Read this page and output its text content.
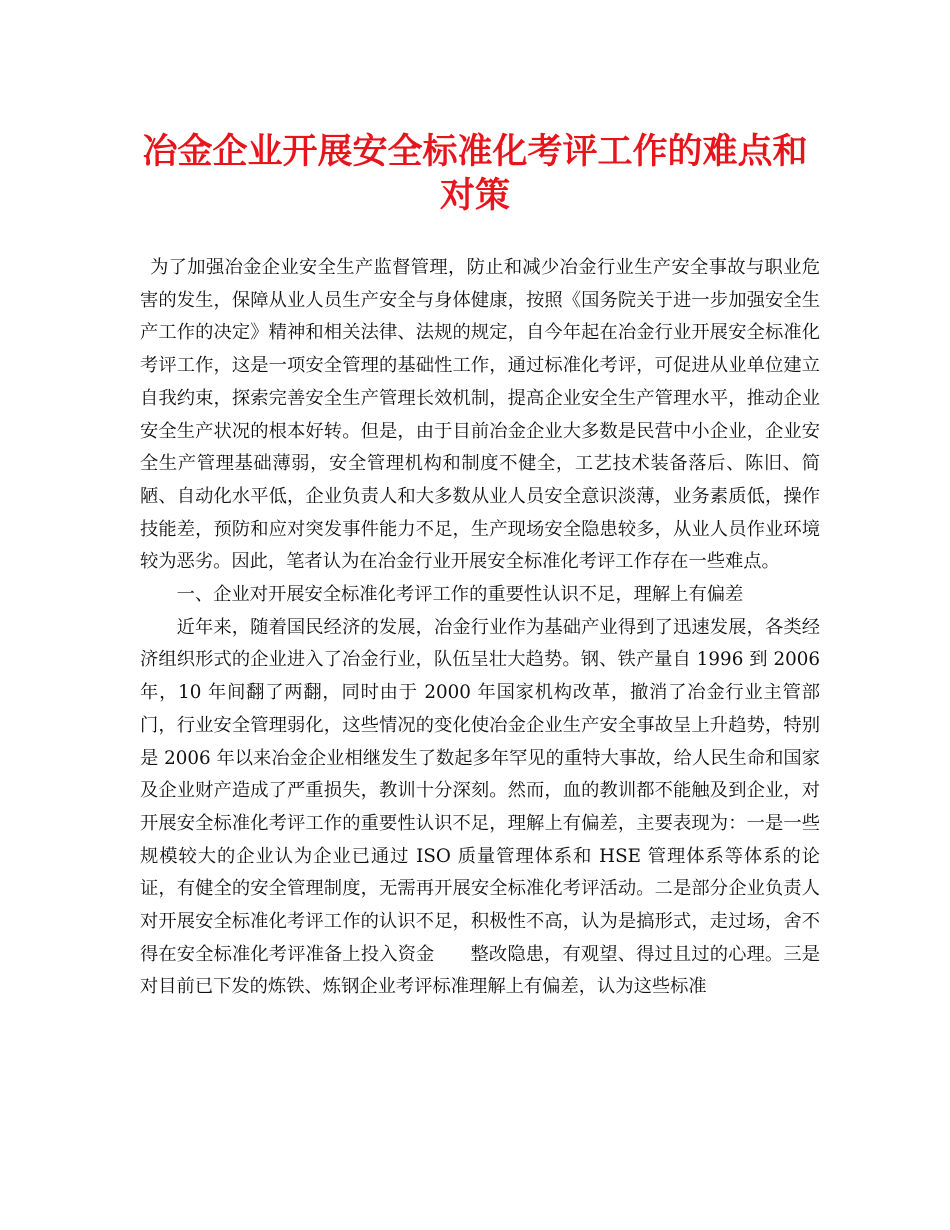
冶金企业开展安全标准化考评工作的难点和
对策

为了加强冶金企业安全生产监督管理，防止和减少冶金行业生产安全事故与职业危害的发生，保障从业人员生产安全与身体健康，按照《国务院关于进一步加强安全生产工作的决定》精神和相关法律、法规的规定，自今年起在冶金行业开展安全标准化考评工作，这是一项安全管理的基础性工作，通过标准化考评，可促进从业单位建立自我约束，探索完善安全生产管理长效机制，提高企业安全生产管理水平，推动企业安全生产状况的根本好转。但是，由于目前冶金企业大多数是民营中小企业，企业安全生产管理基础薄弱，安全管理机构和制度不健全，工艺技术装备落后、陈旧、简陋、自动化水平低，企业负责人和大多数从业人员安全意识淡薄，业务素质低，操作技能差，预防和应对突发事件能力不足，生产现场安全隐患较多，从业人员作业环境较为恶劣。因此，笔者认为在冶金行业开展安全标准化考评工作存在一些难点。

一、企业对开展安全标准化考评工作的重要性认识不足，理解上有偏差

近年来，随着国民经济的发展，冶金行业作为基础产业得到了迅速发展，各类经济组织形式的企业进入了冶金行业，队伍呈壮大趋势。钢、铁产量自 1996 到 2006 年，10 年间翻了两翻，同时由于 2000 年国家机构改革，撤消了冶金行业主管部门，行业安全管理弱化，这些情况的变化使冶金企业生产安全事故呈上升趋势，特别是 2006 年以来冶金企业相继发生了数起多年罕见的重特大事故，给人民生命和国家及企业财产造成了严重损失，教训十分深刻。然而，血的教训都不能触及到企业，对开展安全标准化考评工作的重要性认识不足，理解上有偏差，主要表现为：一是一些规模较大的企业认为企业已通过 ISO 质量管理体系和 HSE 管理体系等体系的论证，有健全的安全管理制度，无需再开展安全标准化考评活动。二是部分企业负责人对开展安全标准化考评工作的认识不足，积极性不高，认为是搞形式，走过场，舍不得在安全标准化考评准备上投入资金 整改隐患，有观望、得过且过的心理。三是对目前已下发的炼铁、炼钢企业考评标准理解上有偏差，认为这些标准
